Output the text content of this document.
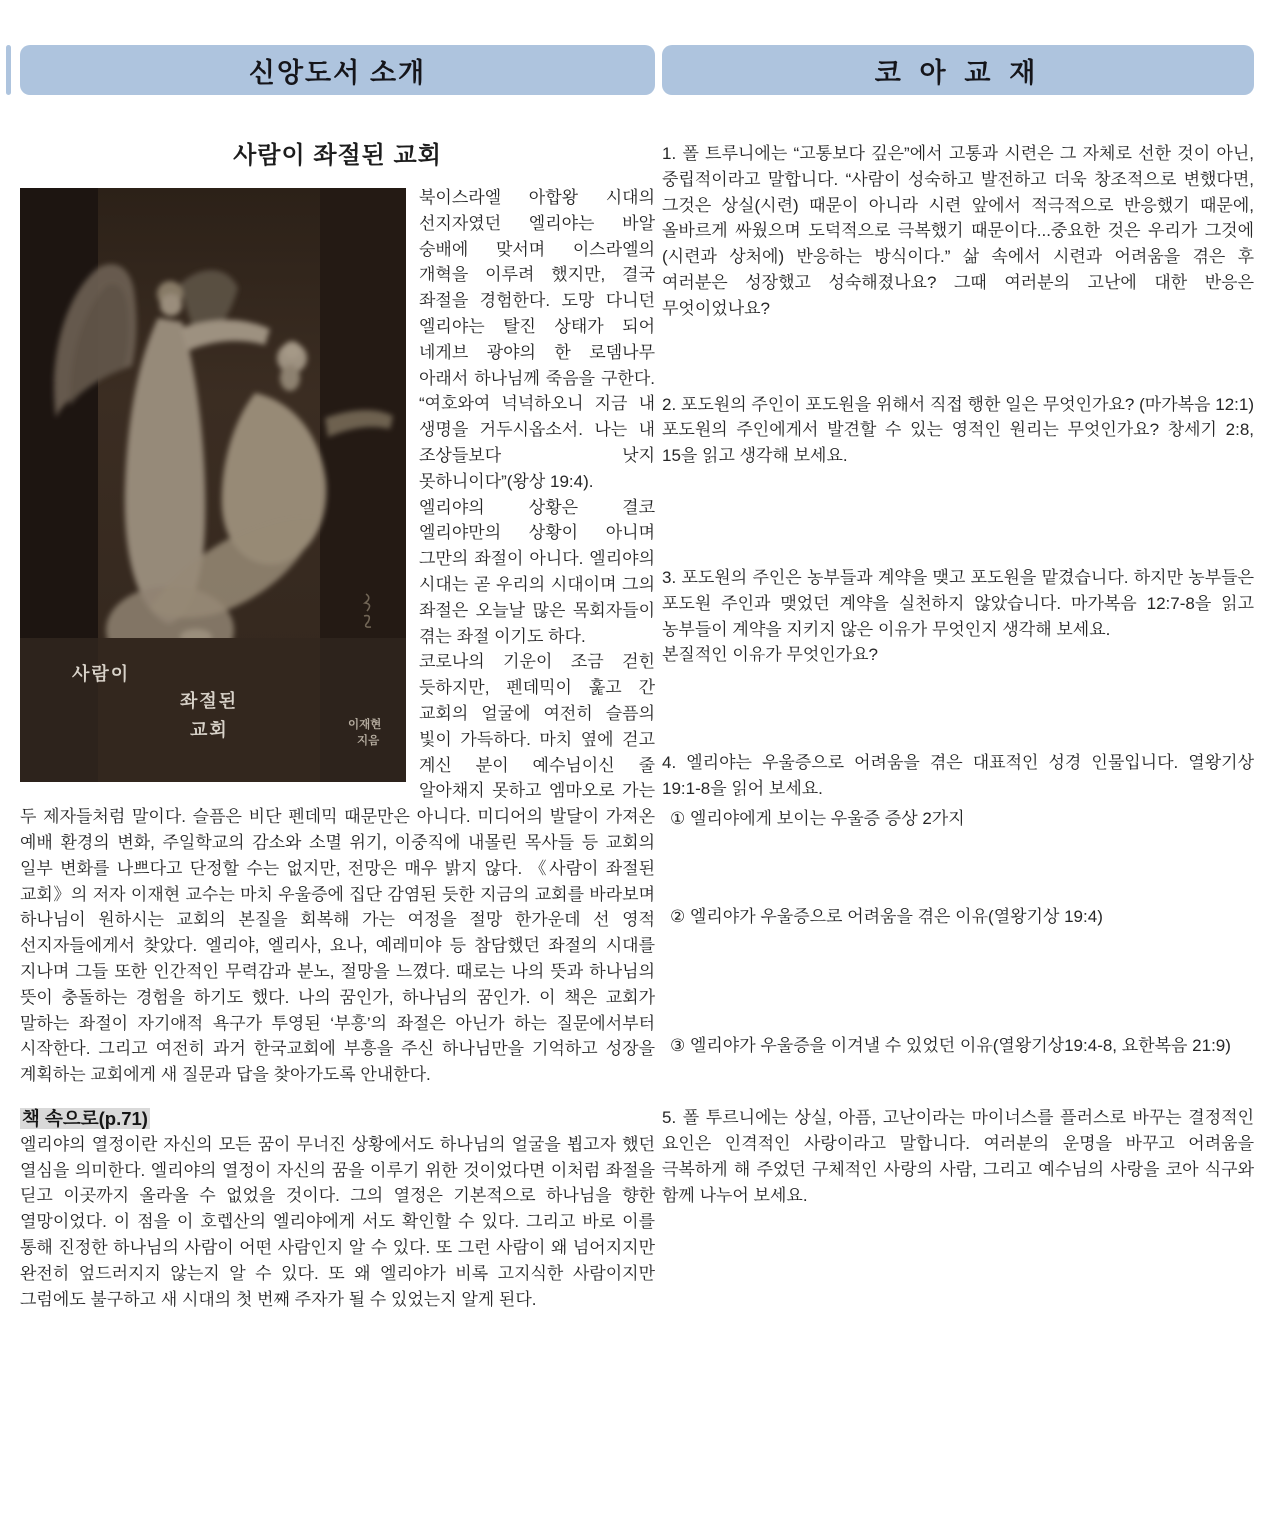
신앙도서 소개
사람이 좌절된 교회
사람이
좌절된
교회	이재현
지음

북이스라엘 아합왕 시대의 선지자였던 엘리야는 바알 숭배에 맞서며 이스라엘의 개혁을 이루려 했지만, 결국 좌절을 경험한다. 도망 다니던 엘리야는 탈진 상태가 되어 네게브 광야의 한 로뎀나무 아래서 하나님께 죽음을 구한다. “여호와여 넉넉하오니 지금 내 생명을 거두시옵소서. 나는 내 조상들보다 낫지 못하니이다”(왕상 19:4).

엘리야의 상황은 결코 엘리야만의 상황이 아니며 그만의 좌절이 아니다. 엘리야의 시대는 곧 우리의 시대이며 그의 좌절은 오늘날 많은 목회자들이 겪는 좌절 이기도 하다.

코로나의 기운이 조금 걷힌 듯하지만, 펜데믹이 훑고 간 교회의 얼굴에 여전히 슬픔의 빛이 가득하다. 마치 옆에 걷고 계신 분이 예수님이신 줄 알아채지 못하고 엠마오로 가는 두 제자들처럼 말이다. 슬픔은 비단 펜데믹 때문만은 아니다. 미디어의 발달이 가져온 예배 환경의 변화, 주일학교의 감소와 소멸 위기, 이중직에 내몰린 목사들 등 교회의 일부 변화를 나쁘다고 단정할 수는 없지만, 전망은 매우 밝지 않다. 《사람이 좌절된 교회》의 저자 이재현 교수는 마치 우울증에 집단 감염된 듯한 지금의 교회를 바라보며 하나님이 원하시는 교회의 본질을 회복해 가는 여정을 절망 한가운데 선 영적 선지자들에게서 찾았다. 엘리야, 엘리사, 요나, 예레미야 등 참담했던 좌절의 시대를 지나며 그들 또한 인간적인 무력감과 분노, 절망을 느꼈다. 때로는 나의 뜻과 하나님의 뜻이 충돌하는 경험을 하기도 했다. 나의 꿈인가, 하나님의 꿈인가. 이 책은 교회가 말하는 좌절이 자기애적 욕구가 투영된 ‘부흥’의 좌절은 아닌가 하는 질문에서부터 시작한다. 그리고 여전히 과거 한국교회에 부흥을 주신 하나님만을 기억하고 성장을 계획하는 교회에게 새 질문과 답을 찾아가도록 안내한다.

책 속으로(p.71)

엘리야의 열정이란 자신의 모든 꿈이 무너진 상황에서도 하나님의 얼굴을 뵙고자 했던 열심을 의미한다. 엘리야의 열정이 자신의 꿈을 이루기 위한 것이었다면 이처럼 좌절을 딛고 이곳까지 올라올 수 없었을 것이다. 그의 열정은 기본적으로 하나님을 향한 열망이었다. 이 점을 이 호렙산의 엘리야에게 서도 확인할 수 있다. 그리고 바로 이를 통해 진정한 하나님의 사람이 어떤 사람인지 알 수 있다. 또 그런 사람이 왜 넘어지지만 완전히 엎드러지지 않는지 알 수 있다. 또 왜 엘리야가 비록 고지식한 사람이지만 그럼에도 불구하고 새 시대의 첫 번째 주자가 될 수 있었는지 알게 된다.

코 아 교 재
1. 폴 트루니에는 “고통보다 깊은”에서 고통과 시련은 그 자체로 선한 것이 아닌, 중립적이라고 말합니다. “사람이 성숙하고 발전하고 더욱 창조적으로 변했다면, 그것은 상실(시련) 때문이 아니라 시련 앞에서 적극적으로 반응했기 때문에, 올바르게 싸웠으며 도덕적으로 극복했기 때문이다...중요한 것은 우리가 그것에(시련과 상처에) 반응하는 방식이다.” 삶 속에서 시련과 어려움을 겪은 후 여러분은 성장했고 성숙해졌나요? 그때 여러분의 고난에 대한 반응은 무엇이었나요?
2. 포도원의 주인이 포도원을 위해서 직접 행한 일은 무엇인가요? (마가복음 12:1) 포도원의 주인에게서 발견할 수 있는 영적인 원리는 무엇인가요? 창세기 2:8, 15을 읽고 생각해 보세요.

3. 포도원의 주인은 농부들과 계약을 맺고 포도원을 맡겼습니다. 하지만 농부들은 포도원 주인과 맺었던 계약을 실천하지 않았습니다. 마가복음 12:7-8을 읽고 농부들이 계약을 지키지 않은 이유가 무엇인지 생각해 보세요.

본질적인 이유가 무엇인가요?

4. 엘리야는 우울증으로 어려움을 겪은 대표적인 성경 인물입니다. 열왕기상 19:1-8을 읽어 보세요.

① 엘리야에게 보이는 우울증 증상 2가지

② 엘리야가 우울증으로 어려움을 겪은 이유(열왕기상 19:4)

③ 엘리야가 우울증을 이겨낼 수 있었던 이유(열왕기상19:4-8, 요한복음 21:9)

5. 폴 투르니에는 상실, 아픔, 고난이라는 마이너스를 플러스로 바꾸는 결정적인 요인은 인격적인 사랑이라고 말합니다. 여러분의 운명을 바꾸고 어려움을 극복하게 해 주었던 구체적인 사랑의 사람, 그리고 예수님의 사랑을 코아 식구와 함께 나누어 보세요.
